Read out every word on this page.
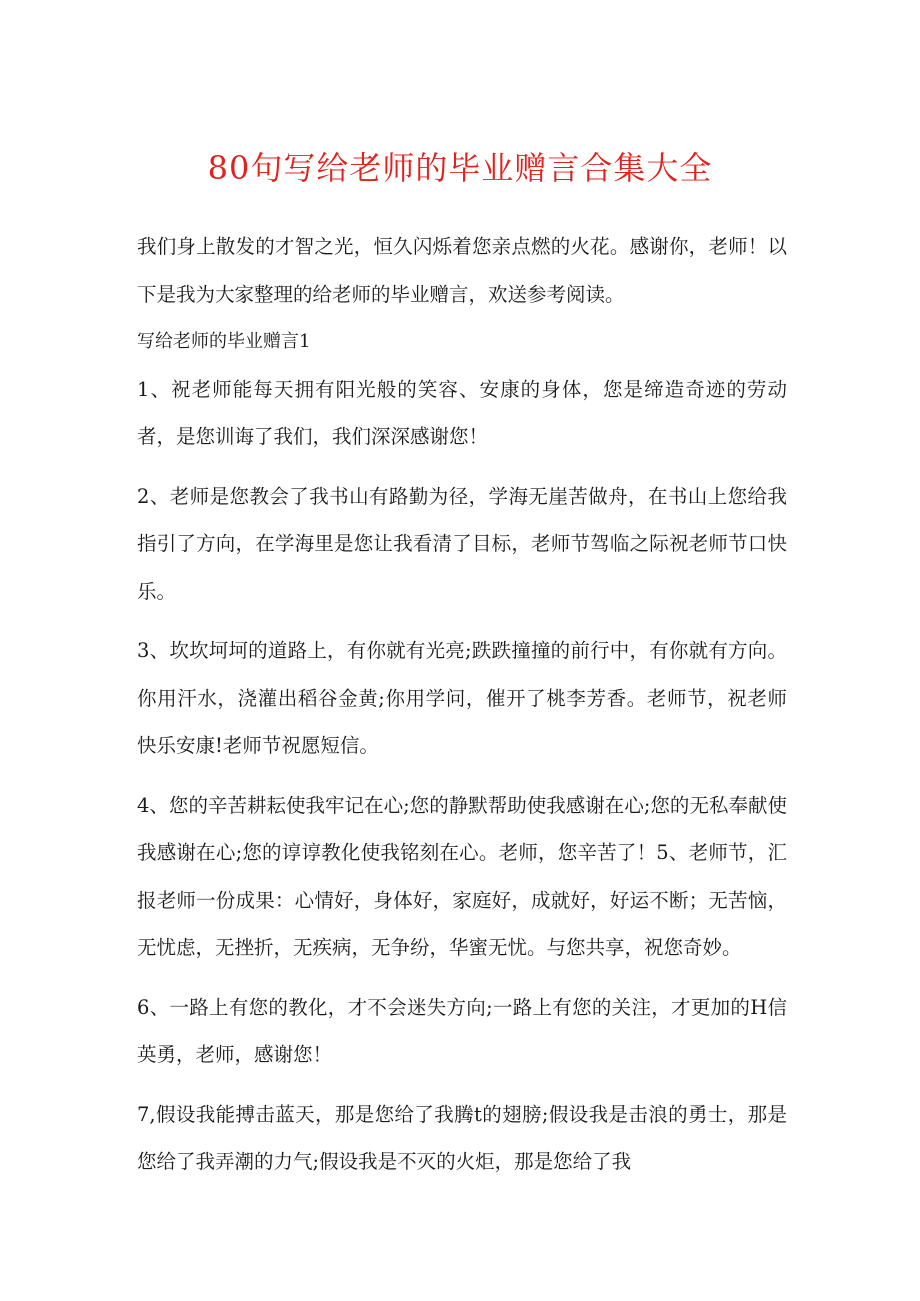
80句写给老师的毕业赠言合集大全

我们身上散发的才智之光，恒久闪烁着您亲点燃的火花。感谢你，老师！以下是我为大家整理的给老师的毕业赠言，欢送参考阅读。

写给老师的毕业赠言1

1、祝老师能每天拥有阳光般的笑容、安康的身体，您是缔造奇迹的劳动者，是您训诲了我们，我们深深感谢您！

2、老师是您教会了我书山有路勤为径，学海无崖苦做舟，在书山上您给我指引了方向，在学海里是您让我看清了目标，老师节驾临之际祝老师节口快乐。

3、坎坎坷坷的道路上，有你就有光亮;跌跌撞撞的前行中，有你就有方向。你用汗水，浇灌出稻谷金黄;你用学问，催开了桃李芳香。老师节，祝老师快乐安康!老师节祝愿短信。

4、您的辛苦耕耘使我牢记在心;您的静默帮助使我感谢在心;您的无私奉献使我感谢在心;您的谆谆教化使我铭刻在心。老师，您辛苦了！5、老师节，汇报老师一份成果：心情好，身体好，家庭好，成就好，好运不断；无苦恼，无忧虑，无挫折，无疾病，无争纷，华蜜无忧。与您共享，祝您奇妙。

6、一路上有您的教化，才不会迷失方向;一路上有您的关注，才更加的H信英勇，老师，感谢您！

7,假设我能搏击蓝天，那是您给了我腾t的翅膀;假设我是击浪的勇士，那是您给了我弄潮的力气;假设我是不灭的火炬，那是您给了我
